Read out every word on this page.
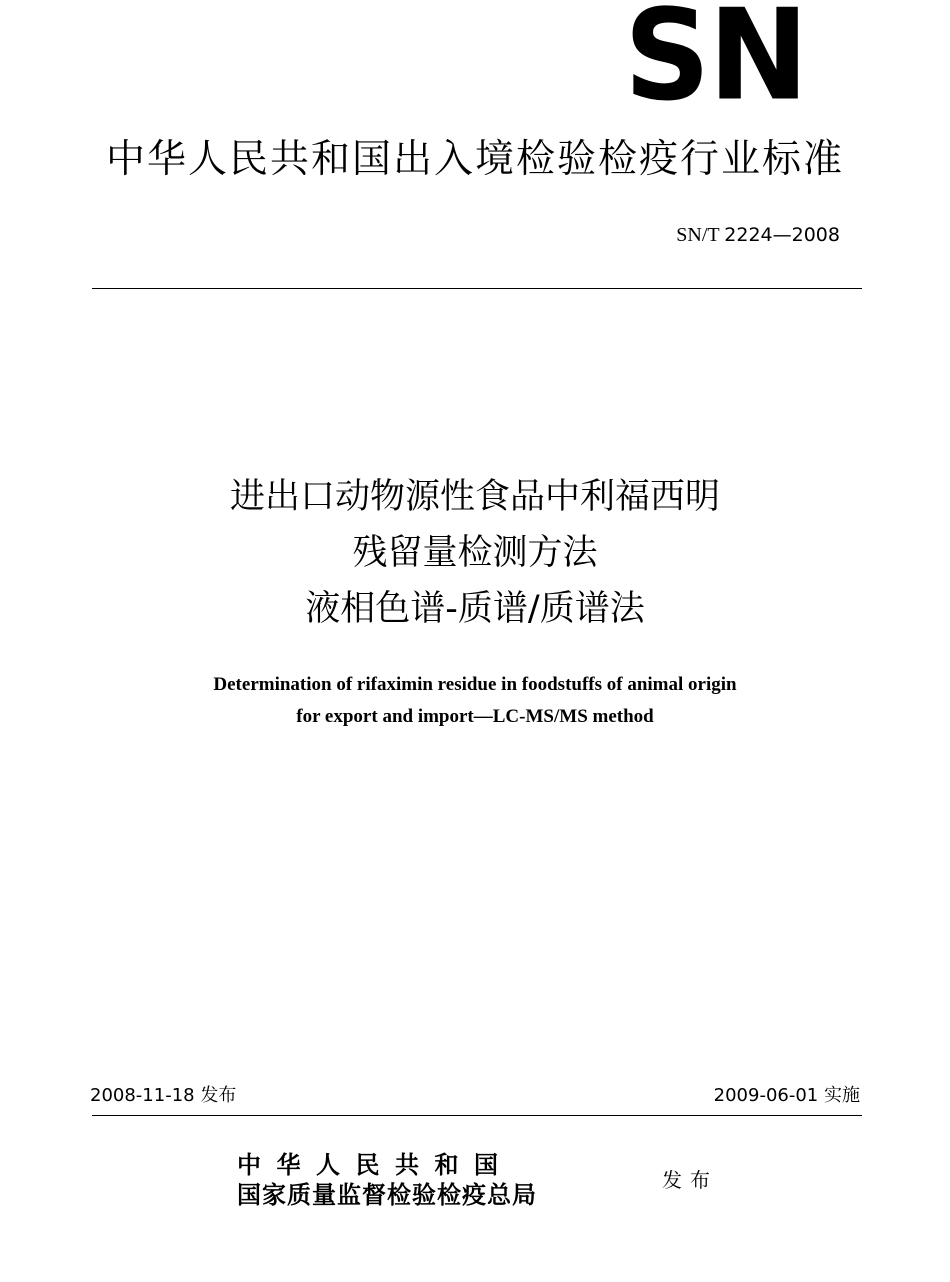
SN
中华人民共和国出入境检验检疫行业标准
SN/T 2224—2008
进出口动物源性食品中利福西明
残留量检测方法
液相色谱-质谱/质谱法
Determination of rifaximin residue in foodstuffs of animal origin
for export and import—LC-MS/MS method
2008-11-18 发布	2009-06-01 实施
中华人民共和国
国家质量监督检验检疫总局	发布
